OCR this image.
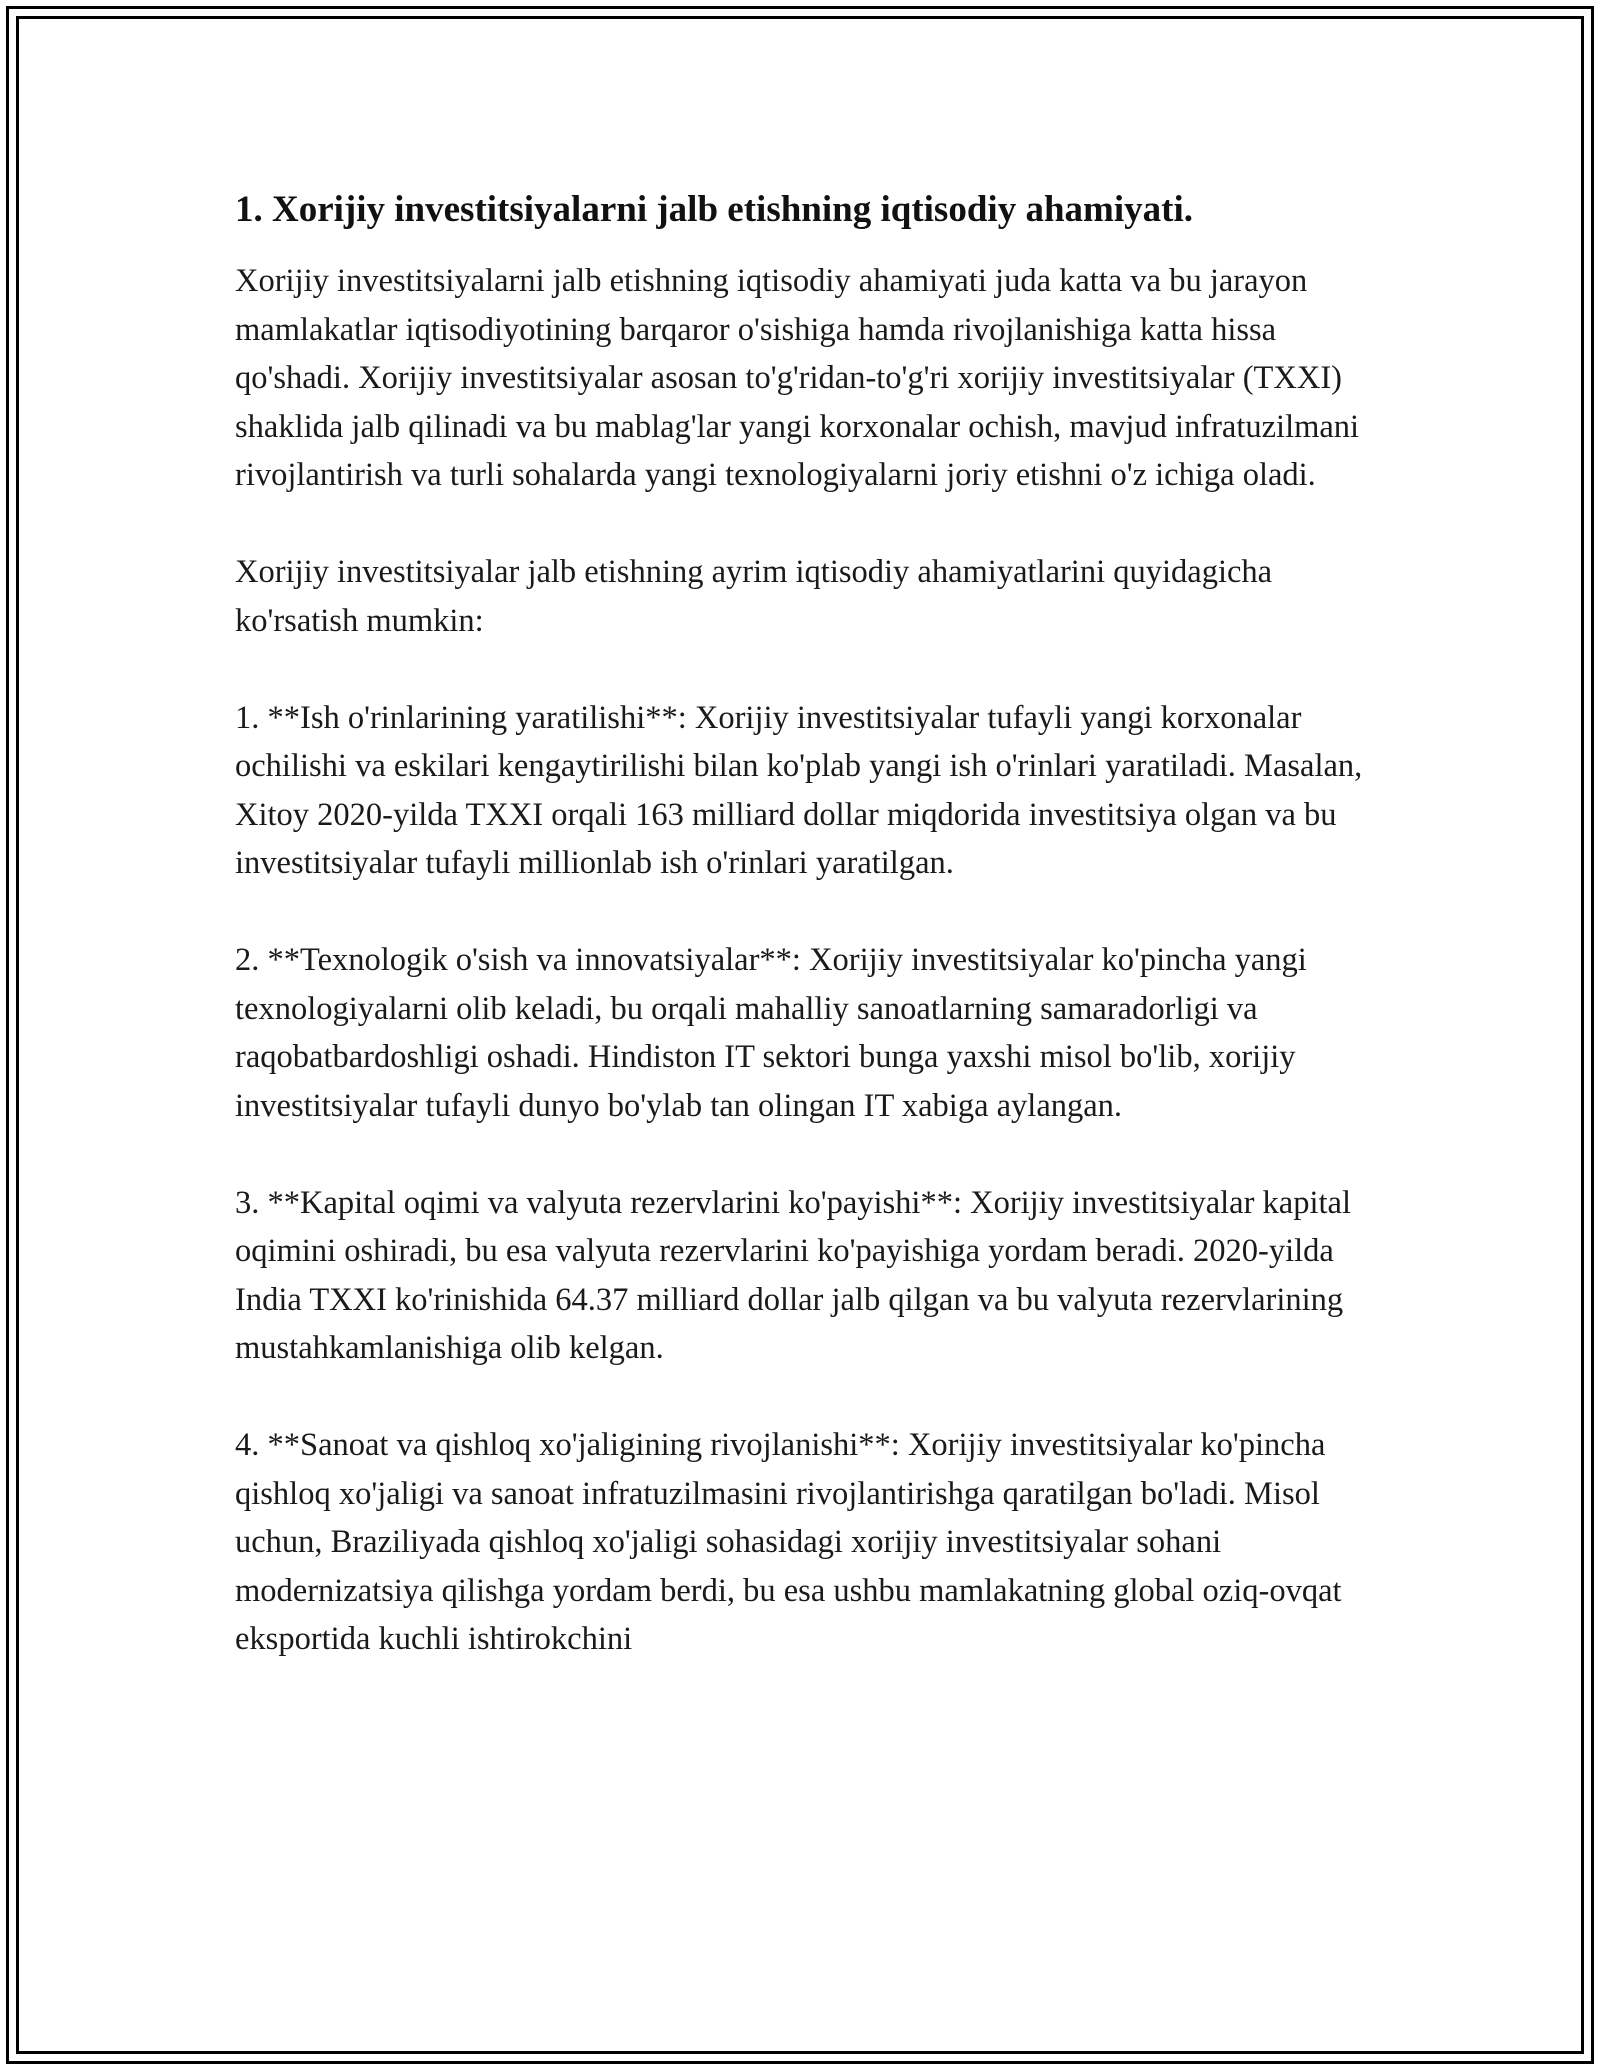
1. Xorijiy investitsiyalarni jalb etishning iqtisodiy ahamiyati.

Xorijiy investitsiyalarni jalb etishning iqtisodiy ahamiyati juda katta va bu jarayon mamlakatlar iqtisodiyotining barqaror o'sishiga hamda rivojlanishiga katta hissa qo'shadi. Xorijiy investitsiyalar asosan to'g'ridan-to'g'ri xorijiy investitsiyalar (TXXI) shaklida jalb qilinadi va bu mablag'lar yangi korxonalar ochish, mavjud infratuzilmani rivojlantirish va turli sohalarda yangi texnologiyalarni joriy etishni o'z ichiga oladi.

Xorijiy investitsiyalar jalb etishning ayrim iqtisodiy ahamiyatlarini quyidagicha ko'rsatish mumkin:

1. **Ish o'rinlarining yaratilishi**: Xorijiy investitsiyalar tufayli yangi korxonalar ochilishi va eskilari kengaytirilishi bilan ko'plab yangi ish o'rinlari yaratiladi. Masalan, Xitoy 2020-yilda TXXI orqali 163 milliard dollar miqdorida investitsiya olgan va bu investitsiyalar tufayli millionlab ish o'rinlari yaratilgan.

2. **Texnologik o'sish va innovatsiyalar**: Xorijiy investitsiyalar ko'pincha yangi texnologiyalarni olib keladi, bu orqali mahalliy sanoatlarning samaradorligi va raqobatbardoshligi oshadi. Hindiston IT sektori bunga yaxshi misol bo'lib, xorijiy investitsiyalar tufayli dunyo bo'ylab tan olingan IT xabiga aylangan.

3. **Kapital oqimi va valyuta rezervlarini ko'payishi**: Xorijiy investitsiyalar kapital oqimini oshiradi, bu esa valyuta rezervlarini ko'payishiga yordam beradi. 2020-yilda India TXXI ko'rinishida 64.37 milliard dollar jalb qilgan va bu valyuta rezervlarining mustahkamlanishiga olib kelgan.

4. **Sanoat va qishloq xo'jaligining rivojlanishi**: Xorijiy investitsiyalar ko'pincha qishloq xo'jaligi va sanoat infratuzilmasini rivojlantirishga qaratilgan bo'ladi. Misol uchun, Braziliyada qishloq xo'jaligi sohasidagi xorijiy investitsiyalar sohani modernizatsiya qilishga yordam berdi, bu esa ushbu mamlakatning global oziq-ovqat eksportida kuchli ishtirokchini
